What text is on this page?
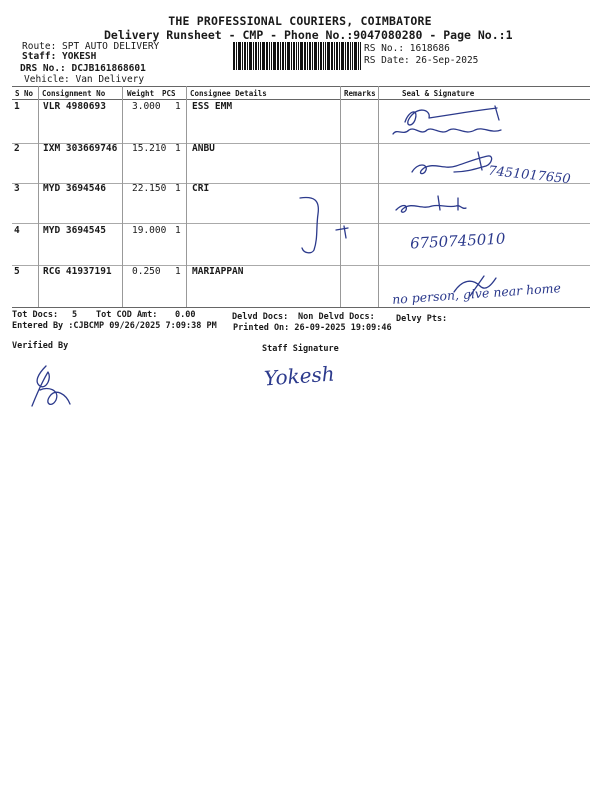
THE PROFESSIONAL COURIERS, COIMBATORE
Delivery Runsheet - CMP - Phone No.:9047080280 - Page No.:1
Route: SPT AUTO DELIVERY
Staff: YOKESH
DRS No.: DCJB161868601
Vehicle: Van Delivery
RS No.: 1618686
RS Date: 26-Sep-2025
S No Consignment No	Weight PCS Consignee Details	Remarks	Seal & Signature
1 VLR 4980693	3.000 1 ESS EMM
2 IXM 303669746 15.210 1 ANBU
3 MYD 3694546	22.150 1 CRI
4 MYD 3694545	19.000 1
5 RCG 41937191 0.250 1 MARIAPPAN
7451017650
6750745010
no person, give near home
Tot Docs: 5 Tot COD Amt: 0.00	Delvd Docs: Non Delvd Docs: Delvy Pts:
Entered By :CJBCMP 09/26/2025 7:09:38 PM Printed On: 26-09-2025 19:09:46
Verified By	Staff Signature
Yokesh
